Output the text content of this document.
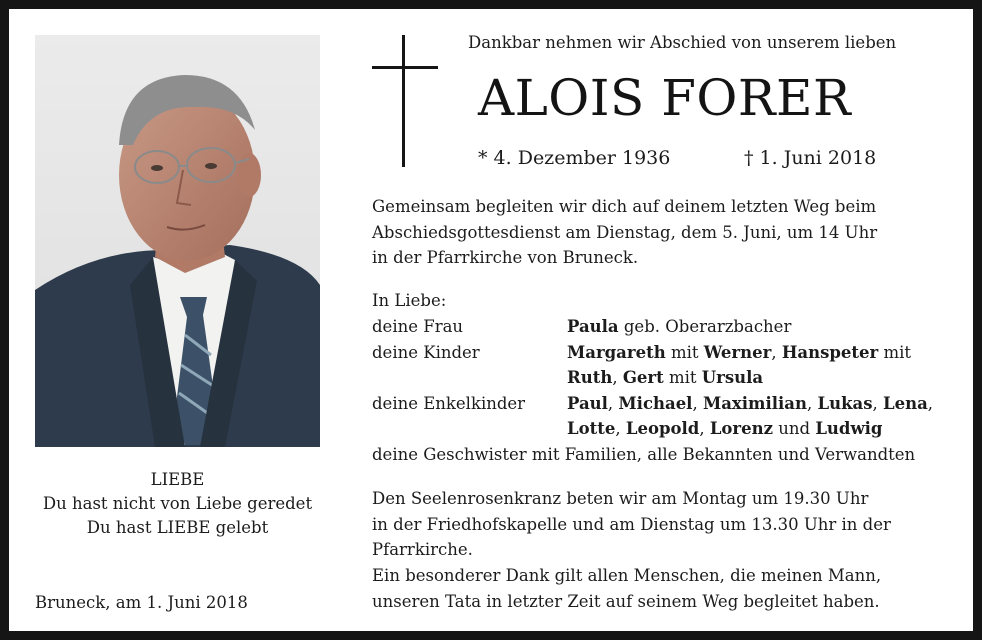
LIEBE
Du hast nicht von Liebe geredet
Du hast LIEBE gelebt
Bruneck, am 1. Juni 2018
Dankbar nehmen wir Abschied von unserem lieben
ALOIS FORER
* 4. Dezember 1936	† 1. Juni 2018
Gemeinsam begleiten wir dich auf deinem letzten Weg beim
Abschiedsgottesdienst am Dienstag, dem 5. Juni, um 14 Uhr
in der Pfarrkirche von Bruneck.
In Liebe:
deine Frau	Paula geb. Oberarzbacher
deine Kinder	Margareth mit Werner, Hanspeter mit
Ruth, Gert mit Ursula
deine Enkelkinder	Paul, Michael, Maximilian, Lukas, Lena,
Lotte, Leopold, Lorenz und Ludwig
deine Geschwister mit Familien, alle Bekannten und Verwandten
Den Seelenrosenkranz beten wir am Montag um 19.30 Uhr
in der Friedhofskapelle und am Dienstag um 13.30 Uhr in der
Pfarrkirche.
Ein besonderer Dank gilt allen Menschen, die meinen Mann,
unseren Tata in letzter Zeit auf seinem Weg begleitet haben.
